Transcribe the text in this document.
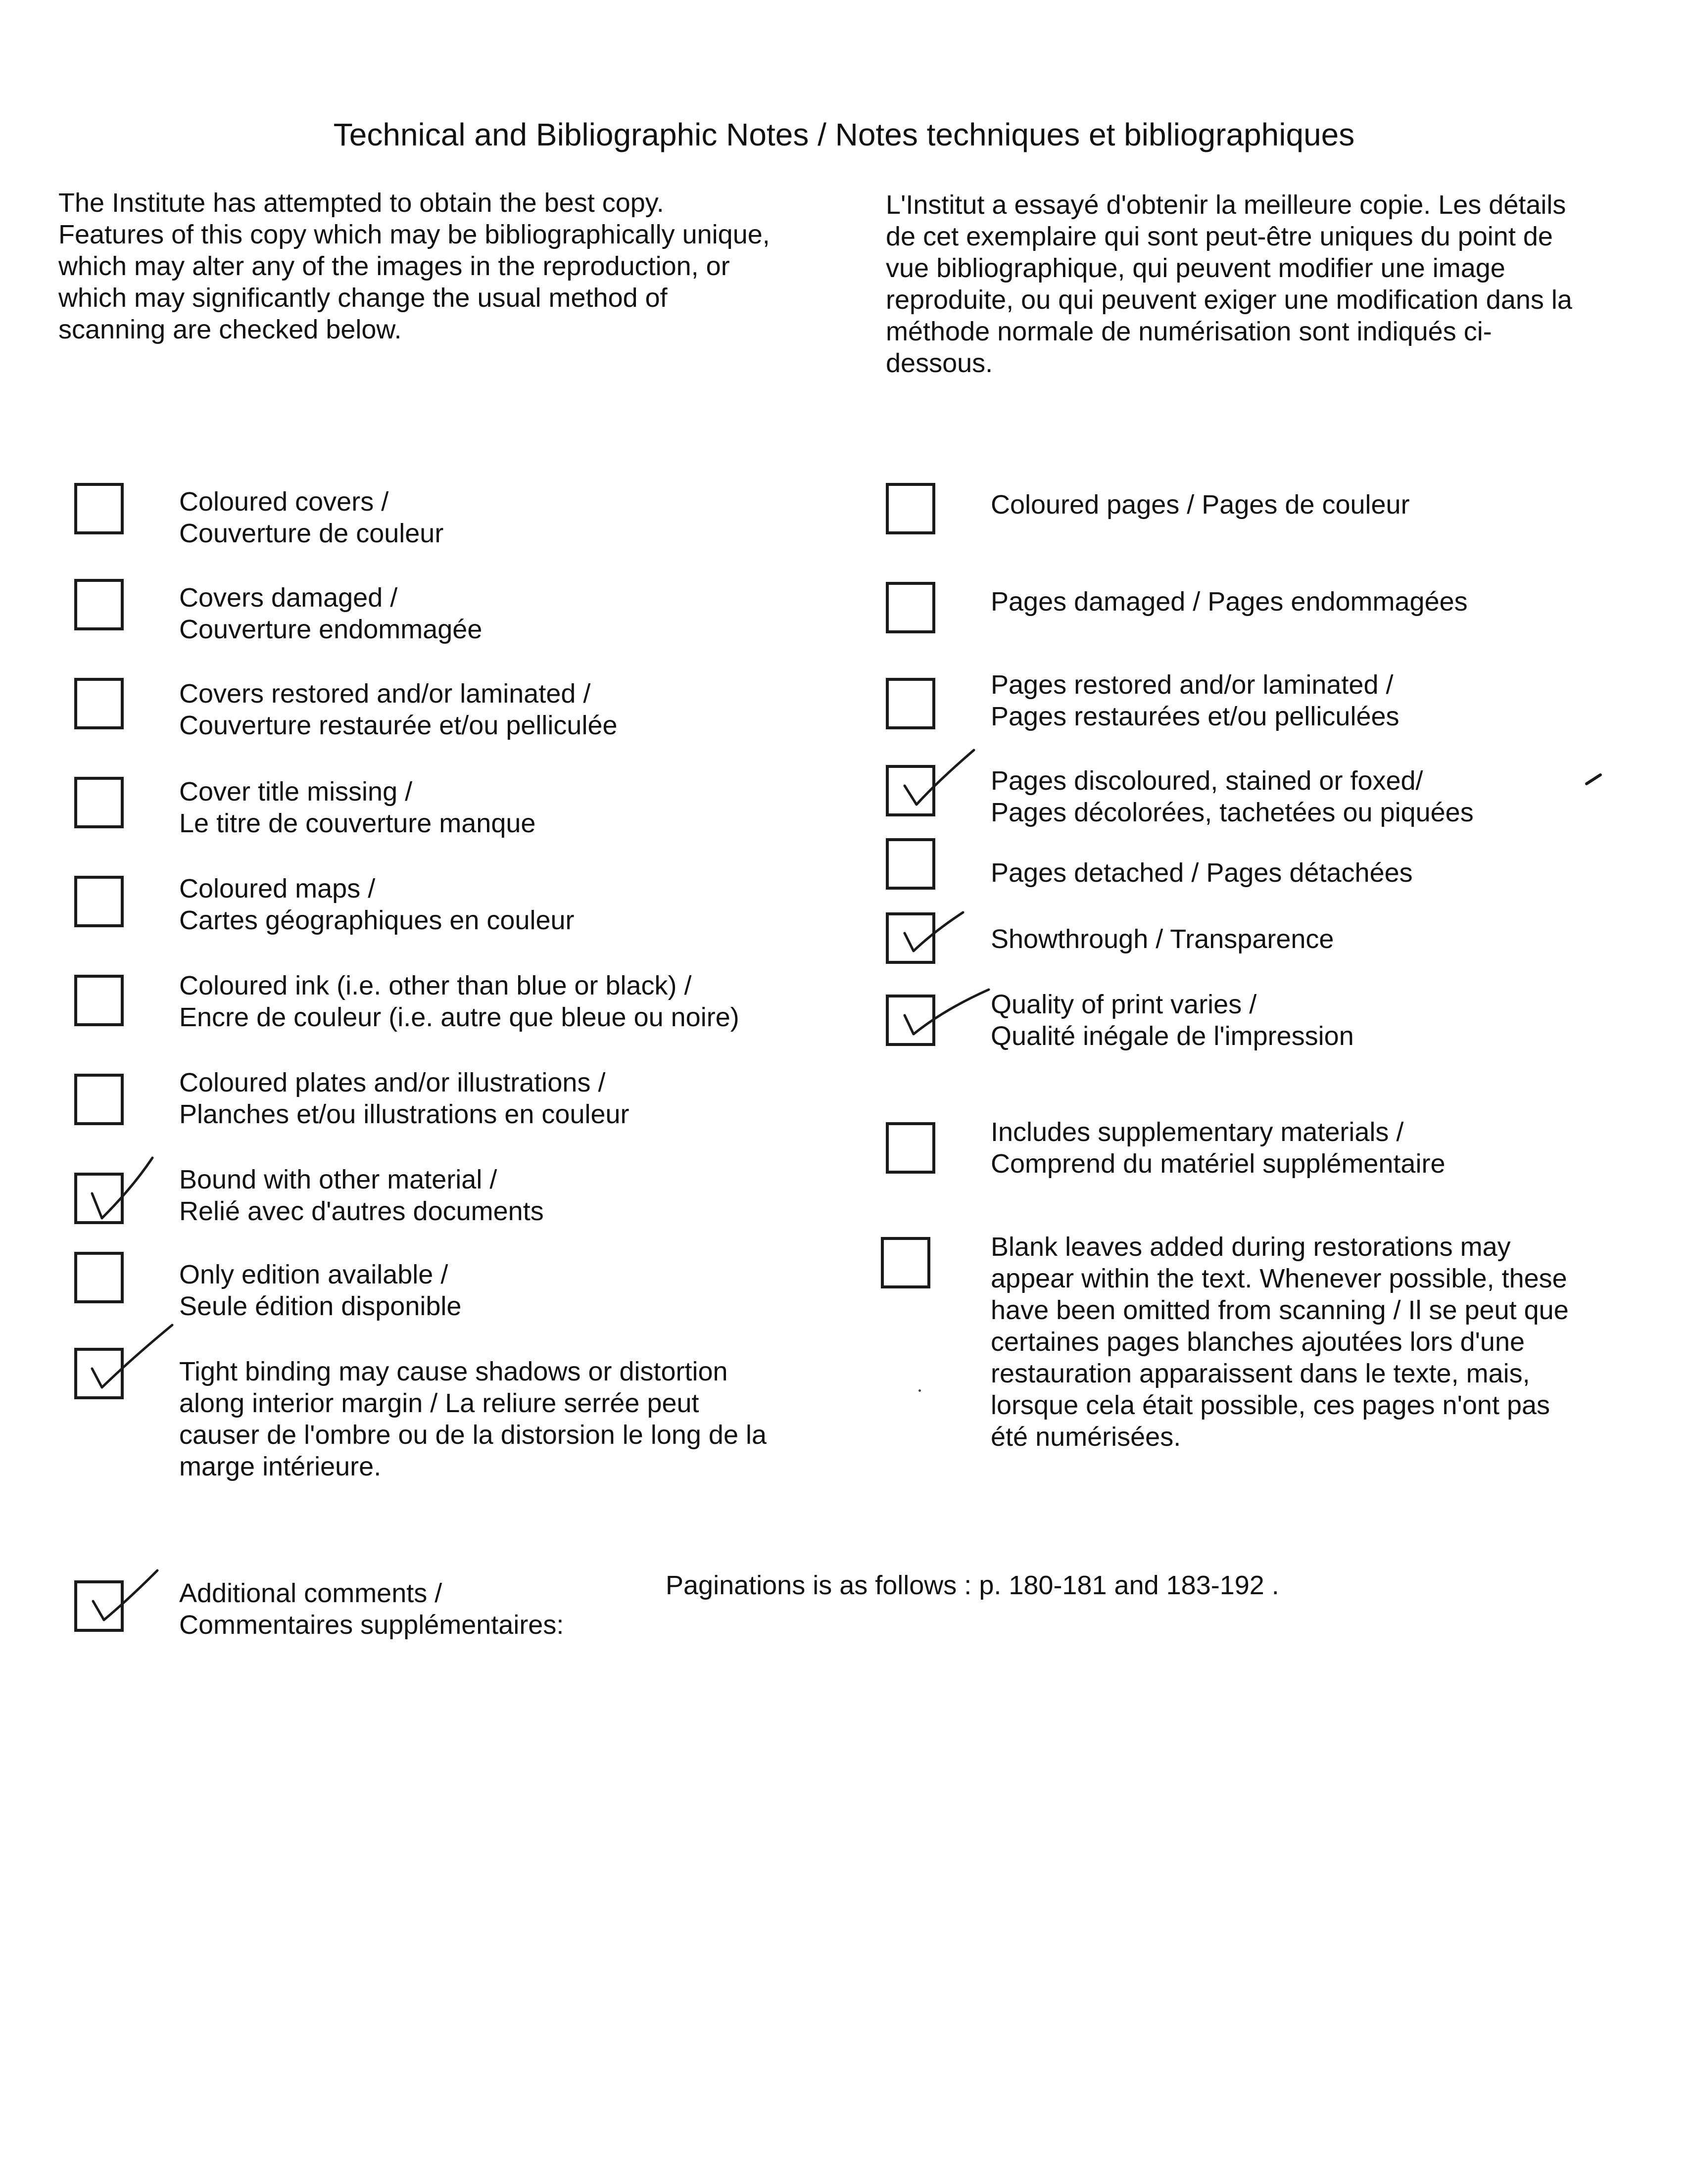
Technical and Bibliographic Notes / Notes techniques et bibliographiques
The Institute has attempted to obtain the best copy.
Features of this copy which may be bibliographically unique,
which may alter any of the images in the reproduction, or
which may significantly change the usual method of
scanning are checked below.
L'Institut a essayé d'obtenir la meilleure copie. Les détails
de cet exemplaire qui sont peut-être uniques du point de
vue bibliographique, qui peuvent modifier une image
reproduite, ou qui peuvent exiger une modification dans la
méthode normale de numérisation sont indiqués ci-
dessous.
Coloured covers /
Couverture de couleur
Covers damaged /
Couverture endommagée
Covers restored and/or laminated /
Couverture restaurée et/ou pelliculée
Cover title missing /
Le titre de couverture manque
Coloured maps /
Cartes géographiques en couleur
Coloured ink (i.e. other than blue or black) /
Encre de couleur (i.e. autre que bleue ou noire)
Coloured plates and/or illustrations /
Planches et/ou illustrations en couleur
Bound with other material /
Relié avec d'autres documents
Only edition available /
Seule édition disponible
Tight binding may cause shadows or distortion
along interior margin / La reliure serrée peut
causer de l'ombre ou de la distorsion le long de la
marge intérieure.
Coloured pages / Pages de couleur
Pages damaged / Pages endommagées
Pages restored and/or laminated /
Pages restaurées et/ou pelliculées
Pages discoloured, stained or foxed/
Pages décolorées, tachetées ou piquées
Pages detached / Pages détachées
Showthrough / Transparence
Quality of print varies /
Qualité inégale de l'impression
Includes supplementary materials /
Comprend du matériel supplémentaire
Blank leaves added during restorations may
appear within the text. Whenever possible, these
have been omitted from scanning / Il se peut que
certaines pages blanches ajoutées lors d'une
restauration apparaissent dans le texte, mais,
lorsque cela était possible, ces pages n'ont pas
été numérisées.
Additional comments /
Commentaires supplémentaires:
Paginations is as follows : p. 180-181 and 183-192 .
